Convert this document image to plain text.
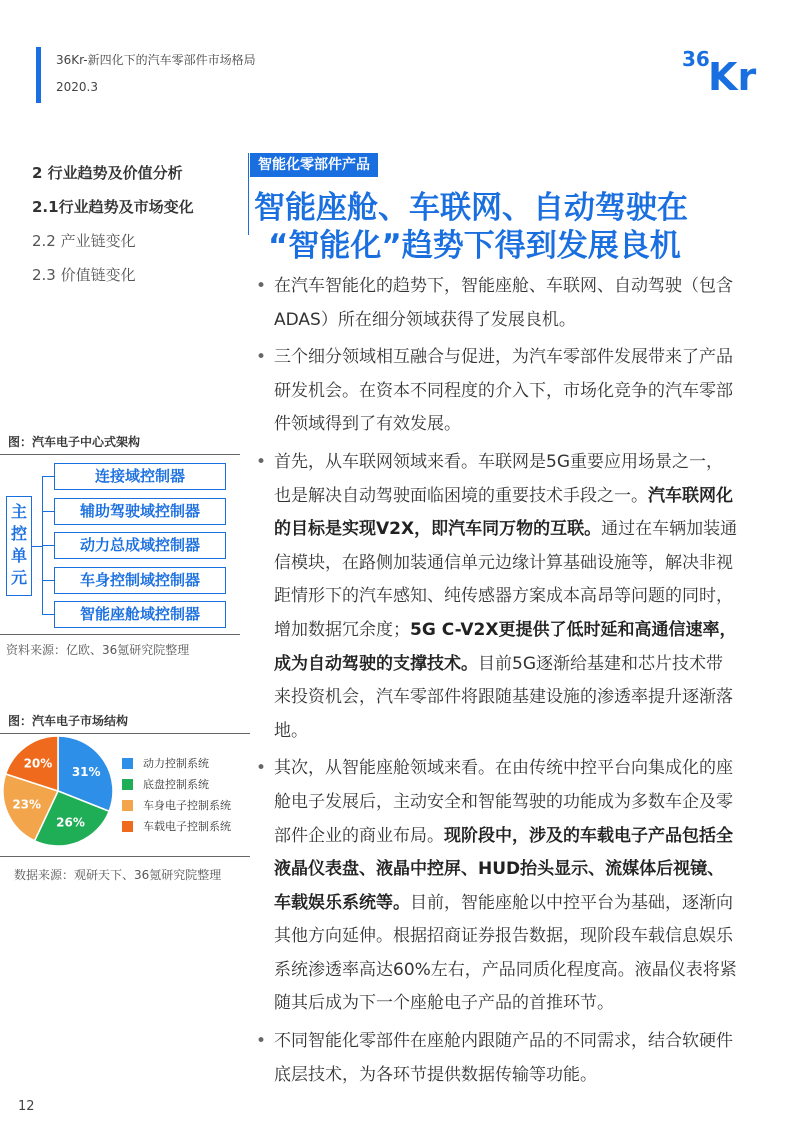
36Kr-新四化下的汽车零部件市场格局
2020.3
36
Kr
2 行业趋势及价值分析
2.1行业趋势及市场变化
2.2 产业链变化
2.3 价值链变化
智能化零部件产品
智能座舱、车联网、自动驾驶在
“智能化”趋势下得到发展良机
• 在汽车智能化的趋势下，智能座舱、车联网、自动驾驶（包含ADAS）所在细分领域获得了发展良机。
• 三个细分领域相互融合与促进，为汽车零部件发展带来了产品研发机会。在资本不同程度的介入下，市场化竞争的汽车零部件领域得到了有效发展。
• 首先，从车联网领域来看。车联网是5G重要应用场景之一，也是解决自动驾驶面临困境的重要技术手段之一。汽车联网化的目标是实现V2X，即汽车同万物的互联。通过在车辆加装通信模块，在路侧加装通信单元边缘计算基础设施等，解决非视距情形下的汽车感知、纯传感器方案成本高昂等问题的同时，增加数据冗余度；5G C-V2X更提供了低时延和高通信速率，成为自动驾驶的支撑技术。目前5G逐渐给基建和芯片技术带来投资机会，汽车零部件将跟随基建设施的渗透率提升逐渐落地。
• 其次，从智能座舱领域来看。在由传统中控平台向集成化的座舱电子发展后，主动安全和智能驾驶的功能成为多数车企及零部件企业的商业布局。现阶段中，涉及的车载电子产品包括全液晶仪表盘、液晶中控屏、HUD抬头显示、流媒体后视镜、车载娱乐系统等。目前，智能座舱以中控平台为基础，逐渐向其他方向延伸。根据招商证券报告数据，现阶段车载信息娱乐系统渗透率高达60%左右，产品同质化程度高。液晶仪表将紧随其后成为下一个座舱电子产品的首推环节。
• 不同智能化零部件在座舱内跟随产品的不同需求，结合软硬件底层技术，为各环节提供数据传输等功能。
图：汽车电子中心式架构
主
控
单
元
连接域控制器
辅助驾驶域控制器
动力总成域控制器
车身控制域控制器
智能座舱域控制器
资料来源：亿欧、36氪研究院整理
图：汽车电子市场结构
31%
26%
23%
20%	动力控制系统
底盘控制系统
车身电子控制系统
车载电子控制系统
数据来源：观研天下、36氪研究院整理
12
